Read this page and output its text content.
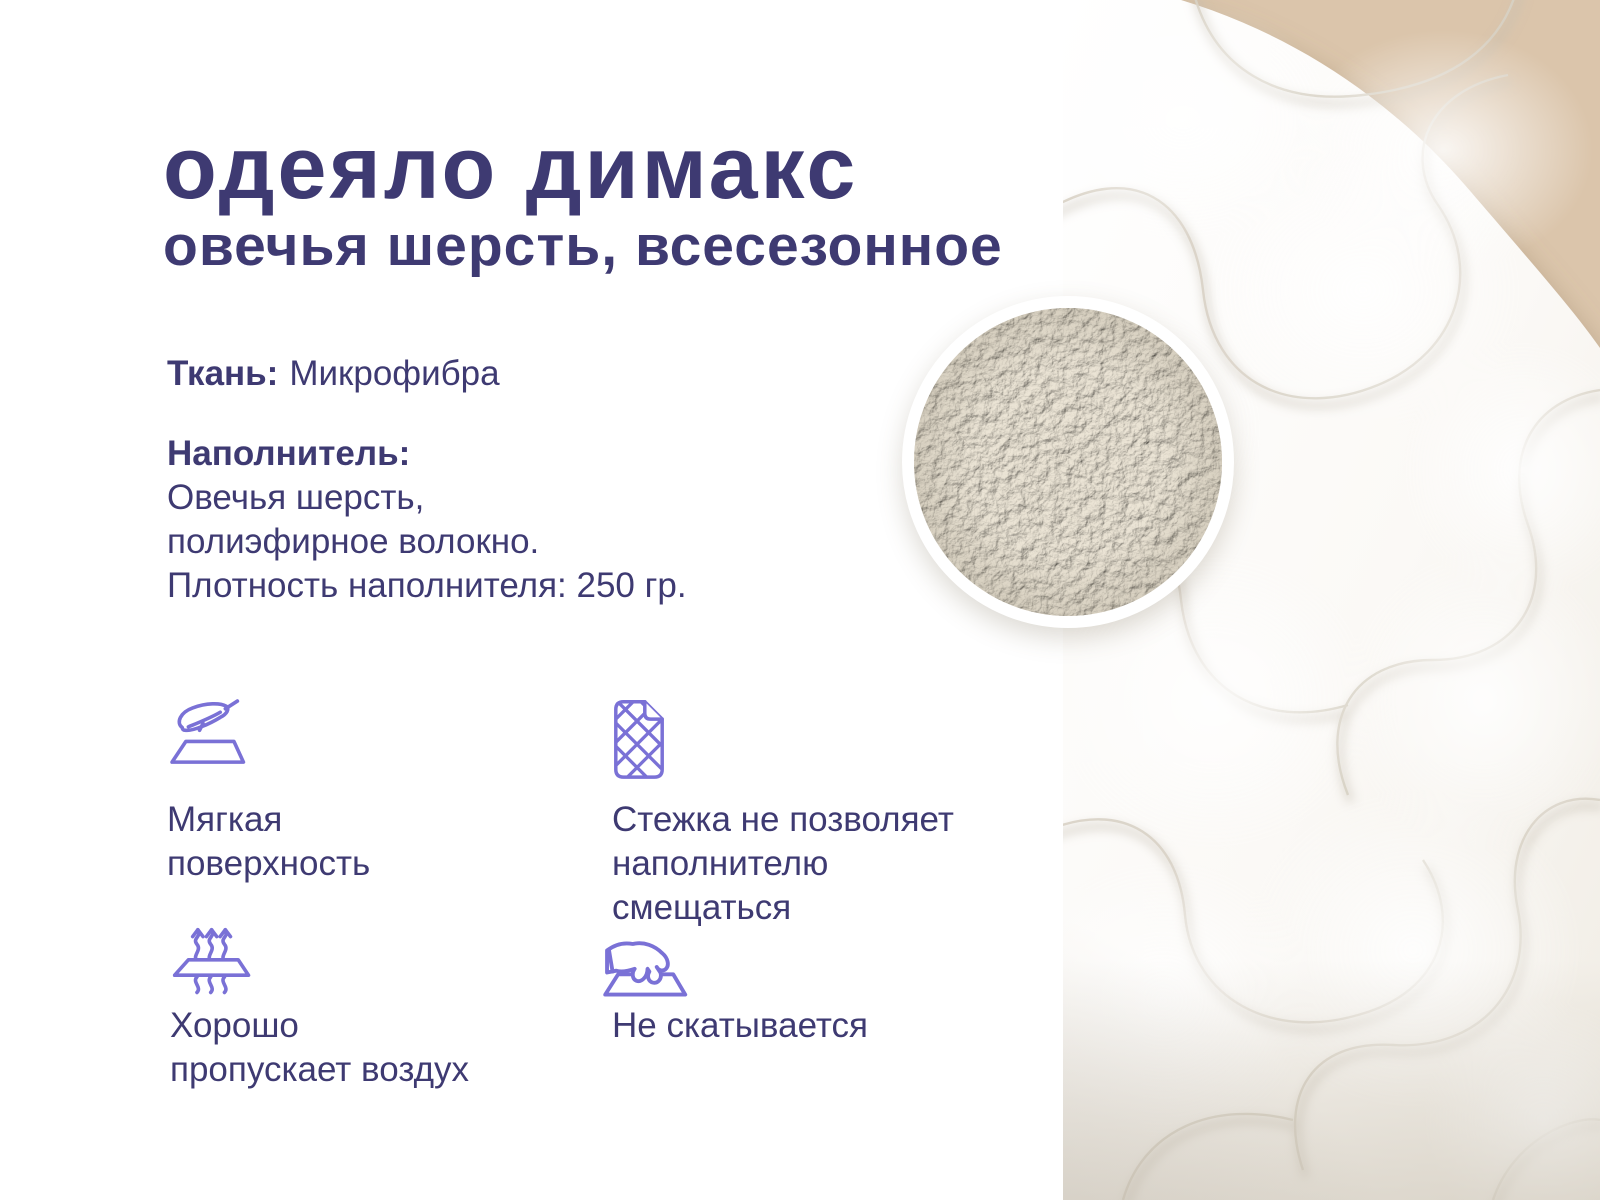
одеяло димакс
овечья шерсть, всесезонное
Ткань: Микрофибра
Наполнитель:
Овечья шерсть,
полиэфирное волокно.
Плотность наполнителя: 250 гр.
Мягкая
поверхность
Стежка не позволяет
наполнителю
смещаться
Хорошо
пропускает воздух
Не скатывается
